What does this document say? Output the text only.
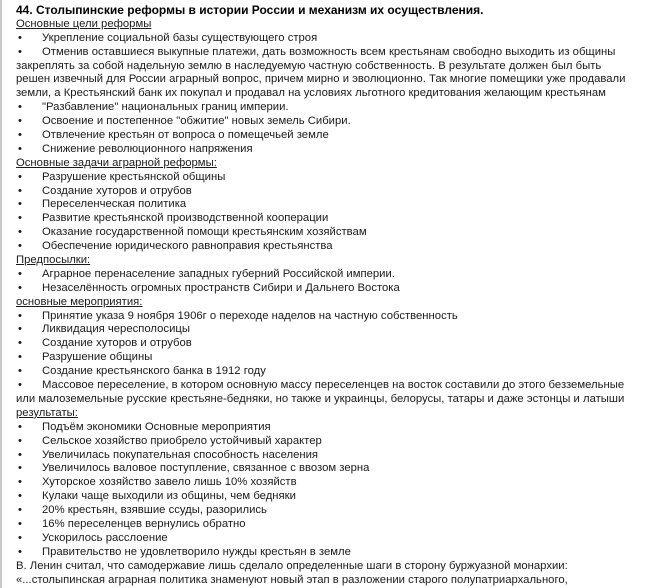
44. Столыпинские реформы в истории России и механизм их осуществления.
Основные цели реформы
• Укрепление социальной базы существующего строя
• Отменив оставшиеся выкупные платежи, дать возможность всем крестьянам свободно выходить из общины
закреплять за собой надельную землю в наследуемую частную собственность. В результате должен был быть
решен извечный для России аграрный вопрос, причем мирно и эволюционно. Так многие помещики уже продавали
земли, а Крестьянский банк их покупал и продавал на условиях льготного кредитования желающим крестьянам
• "Разбавление" национальных границ империи.
• Освоение и постепенное "обжитие" новых земель Сибири.
• Отвлечение крестьян от вопроса о помещечьей земле
• Снижение революционного напряжения
Основные задачи аграрной реформы:
• Разрушение крестьянской общины
• Создание хуторов и отрубов
• Переселенческая политика
• Развитие крестьянской производственной кооперации
• Оказание государственной помощи крестьянским хозяйствам
• Обеспечение юридического равноправия крестьянства
Предпосылки:
• Аграрное перенаселение западных губерний Российской империи.
• Незаселённость огромных пространств Сибири и Дальнего Востока
основные мероприятия:
• Принятие указа 9 ноября 1906г о переходе наделов на частную собственность
• Ликвидация чересполосицы
• Создание хуторов и отрубов
• Разрушение общины
• Создание крестьянского банка в 1912 году
• Массовое переселение, в котором основную массу переселенцев на восток составили до этого безземельные
или малоземельные русские крестьяне-бедняки, но также и украинцы, белорусы, татары и даже эстонцы и латыши
результаты:
• Подъём экономики Основные мероприятия
• Сельское хозяйство приобрело устойчивый характер
• Увеличилась покупательная способность населения
• Увеличилось валовое поступление, связанное с ввозом зерна
• Хуторское хозяйство завело лишь 10% хозяйств
• Кулаки чаще выходили из общины, чем бедняки
• 20% крестьян, взявшие ссуды, разорились
• 16% переселенцев вернулись обратно
• Ускорилось расслоение
• Правительство не удовлетворило нужды крестьян в земле
В. Ленин считал, что самодержавие лишь сделало определенные шаги в сторону буржуазной монархии:
«...столыпинская аграрная политика знаменуют новый этап в разложении старого полупатриархального,
